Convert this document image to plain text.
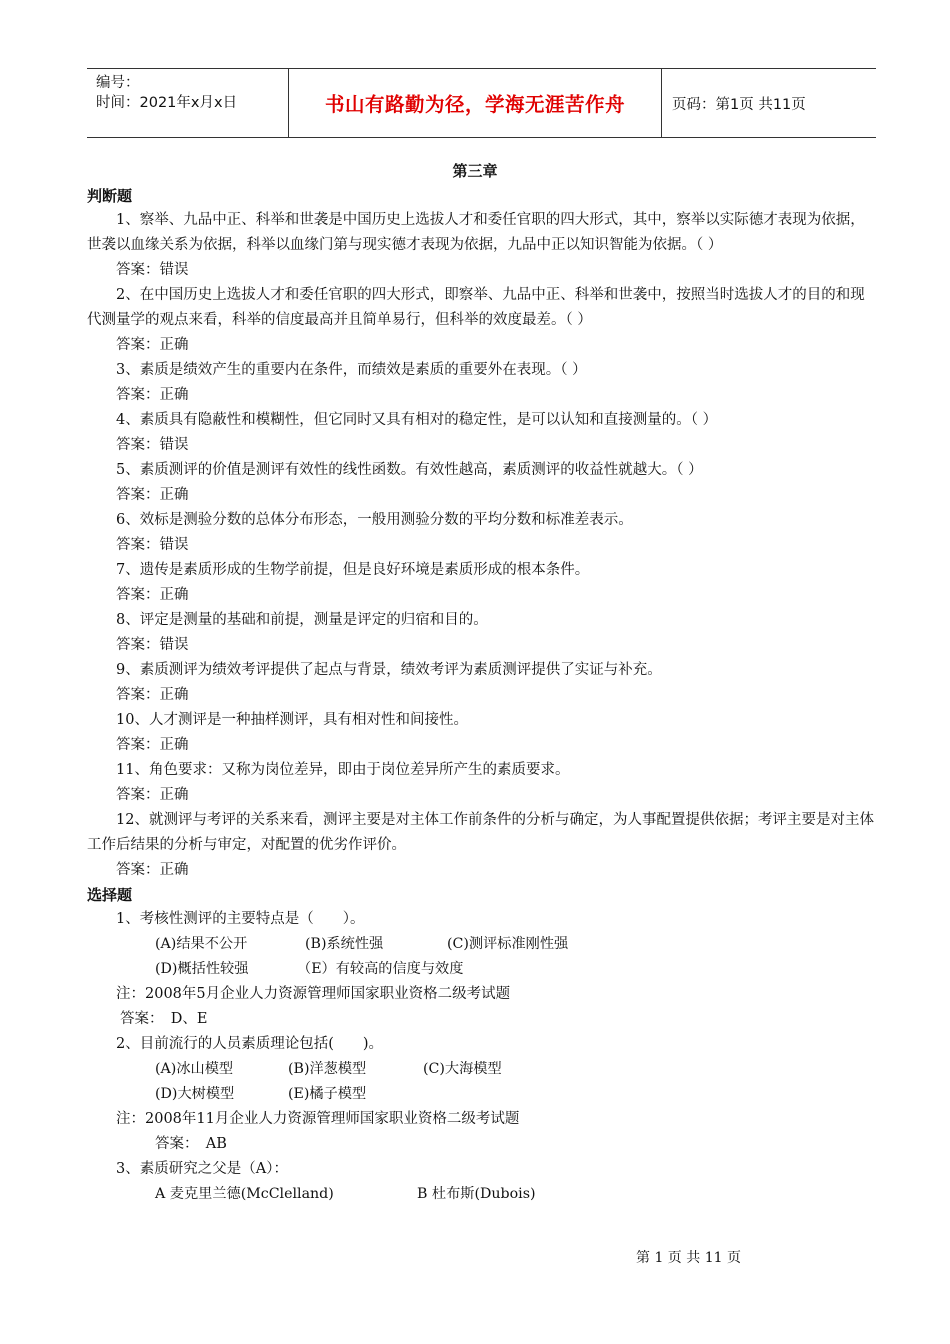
编号：
时间：2021年x月x日	书山有路勤为径，学海无涯苦作舟	页码：第1页 共11页
第三章
判断题
1、察举、九品中正、科举和世袭是中国历史上选拔人才和委任官职的四大形式，其中，察举以实际德才表现为依据，世袭以血缘关系为依据，科举以血缘门第与现实德才表现为依据，九品中正以知识智能为依据。（ ）
答案：错误
2、在中国历史上选拔人才和委任官职的四大形式，即察举、九品中正、科举和世袭中，按照当时选拔人才的目的和现代测量学的观点来看，科举的信度最高并且简单易行，但科举的效度最差。（ ）
答案：正确
3、素质是绩效产生的重要内在条件，而绩效是素质的重要外在表现。（ ）
答案：正确
4、素质具有隐蔽性和模糊性，但它同时又具有相对的稳定性，是可以认知和直接测量的。（ ）
答案：错误
5、素质测评的价值是测评有效性的线性函数。有效性越高，素质测评的收益性就越大。（ ）
答案：正确
6、效标是测验分数的总体分布形态，一般用测验分数的平均分数和标准差表示。
答案：错误
7、遗传是素质形成的生物学前提，但是良好环境是素质形成的根本条件。
答案：正确
8、评定是测量的基础和前提，测量是评定的归宿和目的。
答案：错误
9、素质测评为绩效考评提供了起点与背景，绩效考评为素质测评提供了实证与补充。
答案：正确
10、人才测评是一种抽样测评，具有相对性和间接性。
答案：正确
11、角色要求：又称为岗位差异，即由于岗位差异所产生的素质要求。
答案：正确
12、就测评与考评的关系来看，测评主要是对主体工作前条件的分析与确定，为人事配置提供依据；考评主要是对主体工作后结果的分析与审定，对配置的优劣作评价。
答案：正确
选择题
1、考核性测评的主要特点是（　　）。
(A)结果不公开	(B)系统性强	(C)测评标准刚性强
(D)概括性较强	（E）有较高的信度与效度
注：2008年5月企业人力资源管理师国家职业资格二级考试题
答案：　D、E
2、目前流行的人员素质理论包括(　　)。
(A)冰山模型	(B)洋葱模型	(C)大海模型
(D)大树模型	(E)橘子模型
注：2008年11月企业人力资源管理师国家职业资格二级考试题
答案：　AB
3、素质研究之父是（A）：
A 麦克里兰德(McClelland)	B 杜布斯(Dubois)
第 1 页 共 11 页
